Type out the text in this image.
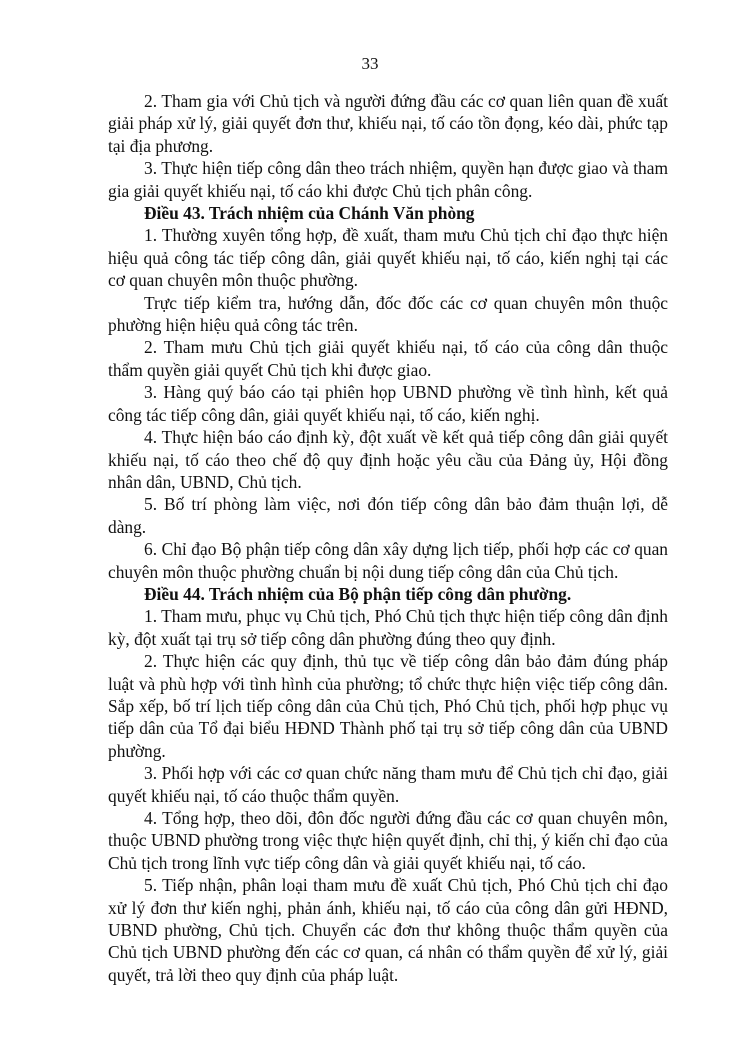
33

2. Tham gia với Chủ tịch và người đứng đầu các cơ quan liên quan đề xuất giải pháp xử lý, giải quyết đơn thư, khiếu nại, tố cáo tồn đọng, kéo dài, phức tạp tại địa phương.

3. Thực hiện tiếp công dân theo trách nhiệm, quyền hạn được giao và tham gia giải quyết khiếu nại, tố cáo khi được Chủ tịch phân công.

Điều 43. Trách nhiệm của Chánh Văn phòng

1. Thường xuyên tổng hợp, đề xuất, tham mưu Chủ tịch chỉ đạo thực hiện hiệu quả công tác tiếp công dân, giải quyết khiếu nại, tố cáo, kiến nghị tại các cơ quan chuyên môn thuộc phường.

Trực tiếp kiểm tra, hướng dẫn, đốc đốc các cơ quan chuyên môn thuộc phường hiện hiệu quả công tác trên.

2. Tham mưu Chủ tịch giải quyết khiếu nại, tố cáo của công dân thuộc thẩm quyền giải quyết Chủ tịch khi được giao.

3. Hàng quý báo cáo tại phiên họp UBND phường về tình hình, kết quả công tác tiếp công dân, giải quyết khiếu nại, tố cáo, kiến nghị.

4. Thực hiện báo cáo định kỳ, đột xuất về kết quả tiếp công dân giải quyết khiếu nại, tố cáo theo chế độ quy định hoặc yêu cầu của Đảng ủy, Hội đồng nhân dân, UBND, Chủ tịch.

5. Bố trí phòng làm việc, nơi đón tiếp công dân bảo đảm thuận lợi, dễ dàng.

6. Chỉ đạo Bộ phận tiếp công dân xây dựng lịch tiếp, phối hợp các cơ quan chuyên môn thuộc phường chuẩn bị nội dung tiếp công dân của Chủ tịch.

Điều 44. Trách nhiệm của Bộ phận tiếp công dân phường.

1. Tham mưu, phục vụ Chủ tịch, Phó Chủ tịch thực hiện tiếp công dân định kỳ, đột xuất tại trụ sở tiếp công dân phường đúng theo quy định.

2. Thực hiện các quy định, thủ tục về tiếp công dân bảo đảm đúng pháp luật và phù hợp với tình hình của phường; tổ chức thực hiện việc tiếp công dân. Sắp xếp, bố trí lịch tiếp công dân của Chủ tịch, Phó Chủ tịch, phối hợp phục vụ tiếp dân của Tổ đại biểu HĐND Thành phố tại trụ sở tiếp công dân của UBND phường.

3. Phối hợp với các cơ quan chức năng tham mưu để Chủ tịch chỉ đạo, giải quyết khiếu nại, tố cáo thuộc thẩm quyền.

4. Tổng hợp, theo dõi, đôn đốc người đứng đầu các cơ quan chuyên môn, thuộc UBND phường trong việc thực hiện quyết định, chỉ thị, ý kiến chỉ đạo của Chủ tịch trong lĩnh vực tiếp công dân và giải quyết khiếu nại, tố cáo.

5. Tiếp nhận, phân loại tham mưu đề xuất Chủ tịch, Phó Chủ tịch chỉ đạo xử lý đơn thư kiến nghị, phản ánh, khiếu nại, tố cáo của công dân gửi HĐND, UBND phường, Chủ tịch. Chuyển các đơn thư không thuộc thẩm quyền của Chủ tịch UBND phường đến các cơ quan, cá nhân có thẩm quyền để xử lý, giải quyết, trả lời theo quy định của pháp luật.
